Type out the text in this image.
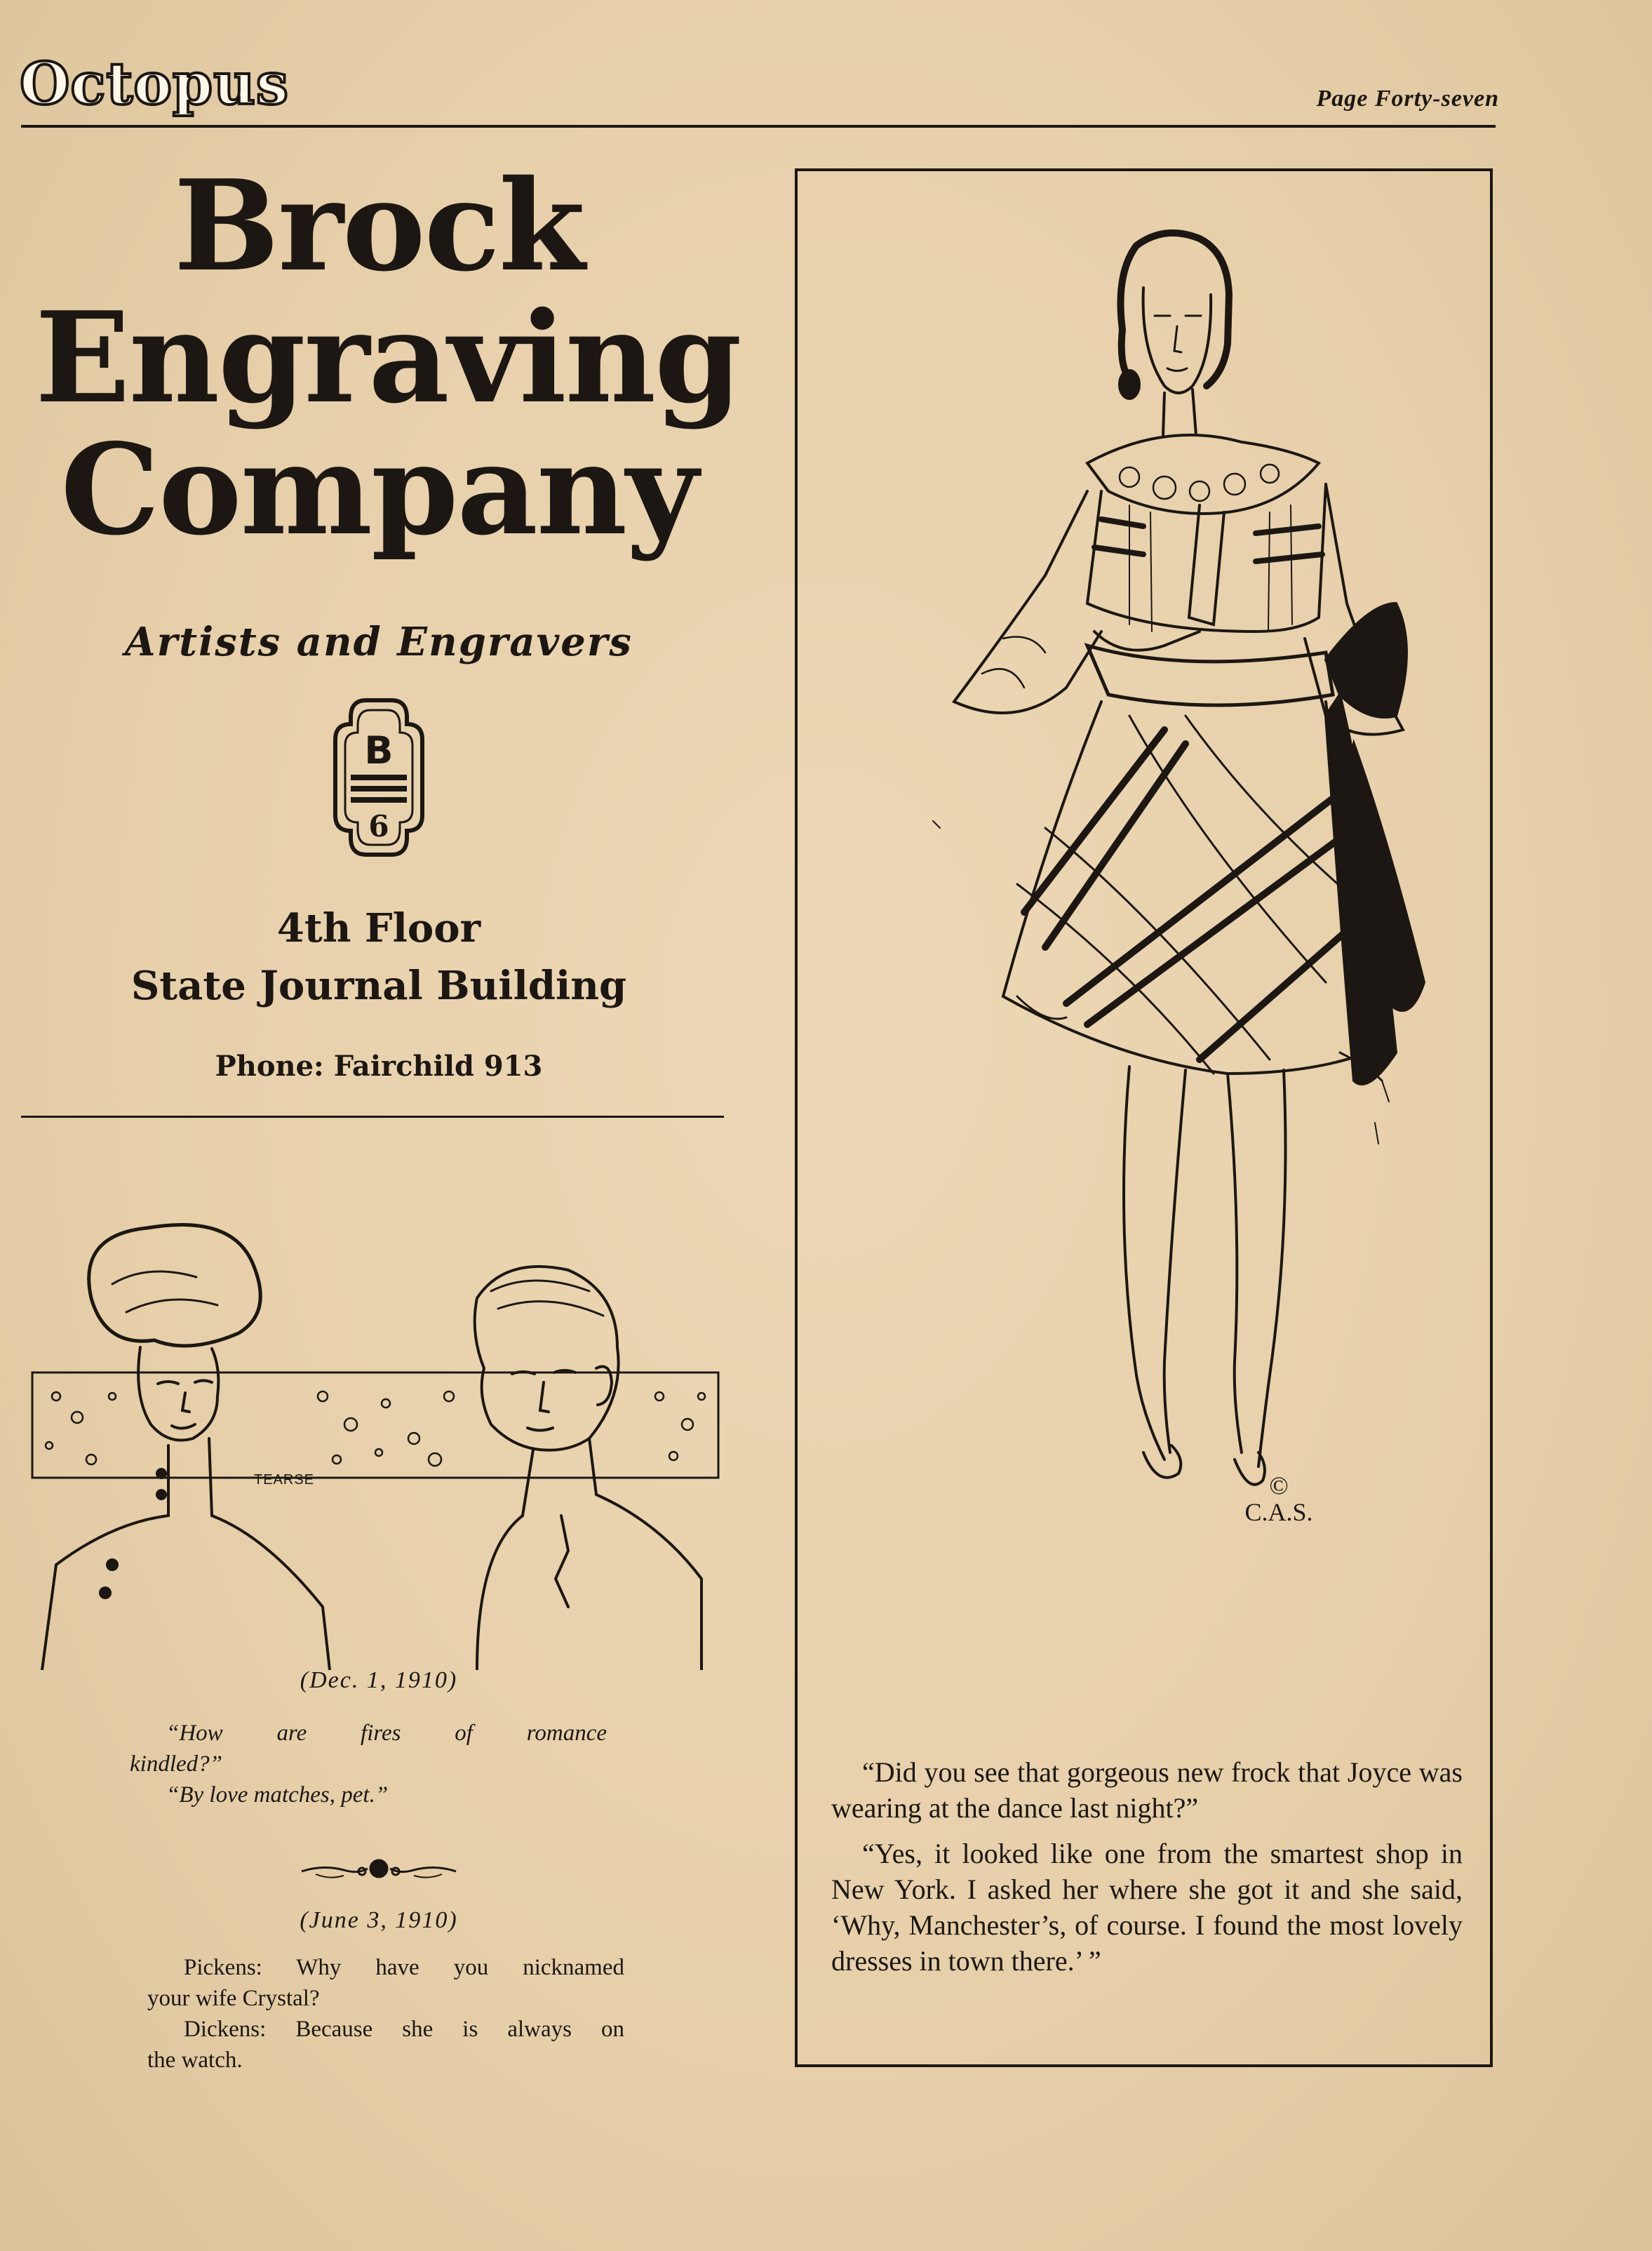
Octopus	Page Forty-seven
Brock
Engraving
Company
Artists and Engravers
B
6
4th Floor
State Journal Building
Phone: Fairchild 913
TEARSE
(Dec. 1, 1910)
“How are fires of romance
kindled?”
“By love matches, pet.”
(June 3, 1910)
Pickens: Why have you nicknamed
your wife Crystal?
Dickens: Because she is always on
the watch.
©
C.A.S.

“Did you see that gorgeous new frock that Joyce was wearing at the dance last night?”

“Yes, it looked like one from the smartest shop in New York. I asked her where she got it and she said, ‘Why, Manchester’s, of course. I found the most lovely dresses in town there.’ ”
